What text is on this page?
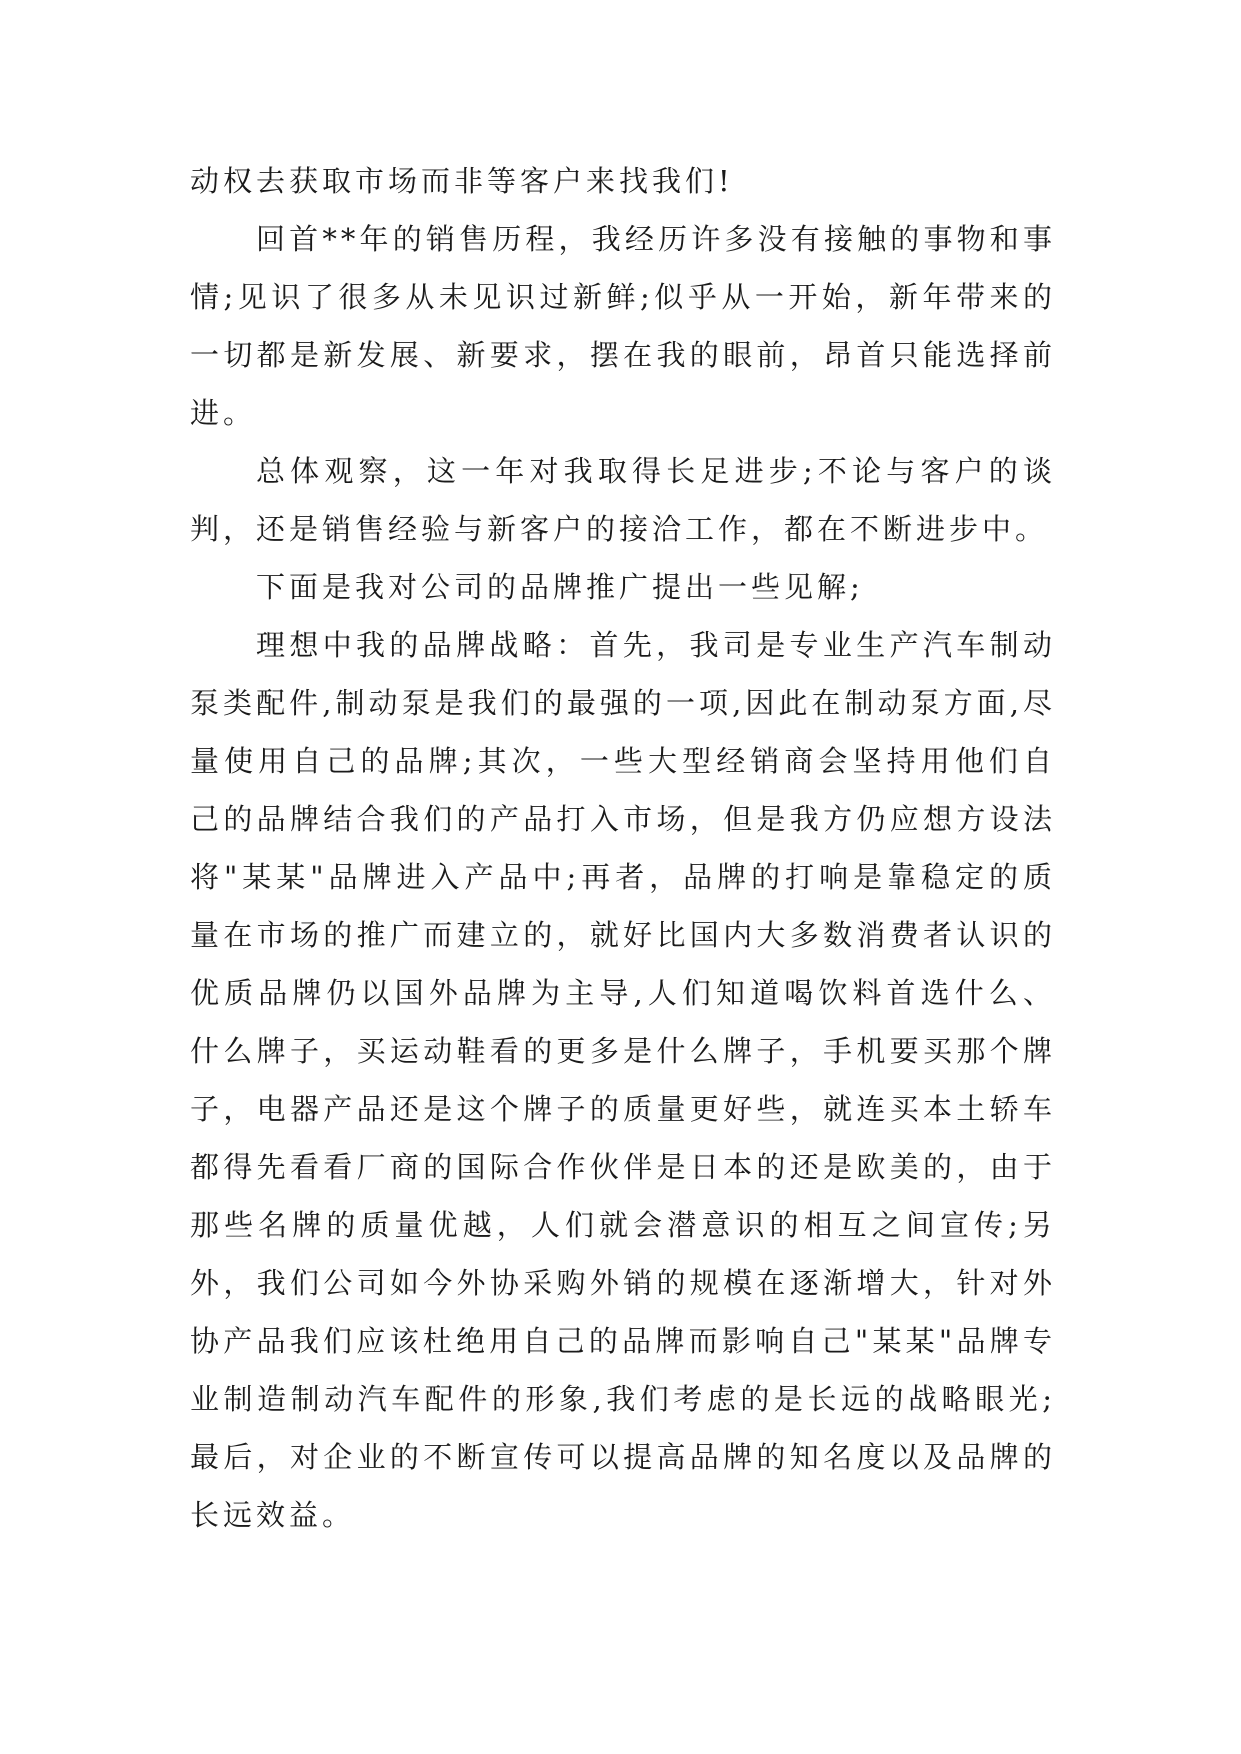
动权去获取市场而非等客户来找我们!

回首**年的销售历程，我经历许多没有接触的事物和事情;见识了很多从未见识过新鲜;似乎从一开始，新年带来的一切都是新发展、新要求，摆在我的眼前，昂首只能选择前进。

总体观察，这一年对我取得长足进步;不论与客户的谈判，还是销售经验与新客户的接洽工作，都在不断进步中。

下面是我对公司的品牌推广提出一些见解;

理想中我的品牌战略：首先，我司是专业生产汽车制动泵类配件,制动泵是我们的最强的一项,因此在制动泵方面,尽量使用自己的品牌;其次，一些大型经销商会坚持用他们自己的品牌结合我们的产品打入市场，但是我方仍应想方设法将"某某"品牌进入产品中;再者，品牌的打响是靠稳定的质量在市场的推广而建立的，就好比国内大多数消费者认识的优质品牌仍以国外品牌为主导,人们知道喝饮料首选什么、什么牌子，买运动鞋看的更多是什么牌子，手机要买那个牌子，电器产品还是这个牌子的质量更好些，就连买本土轿车都得先看看厂商的国际合作伙伴是日本的还是欧美的，由于那些名牌的质量优越，人们就会潜意识的相互之间宣传;另外，我们公司如今外协采购外销的规模在逐渐增大，针对外协产品我们应该杜绝用自己的品牌而影响自己"某某"品牌专业制造制动汽车配件的形象,我们考虑的是长远的战略眼光;最后，对企业的不断宣传可以提高品牌的知名度以及品牌的长远效益。
